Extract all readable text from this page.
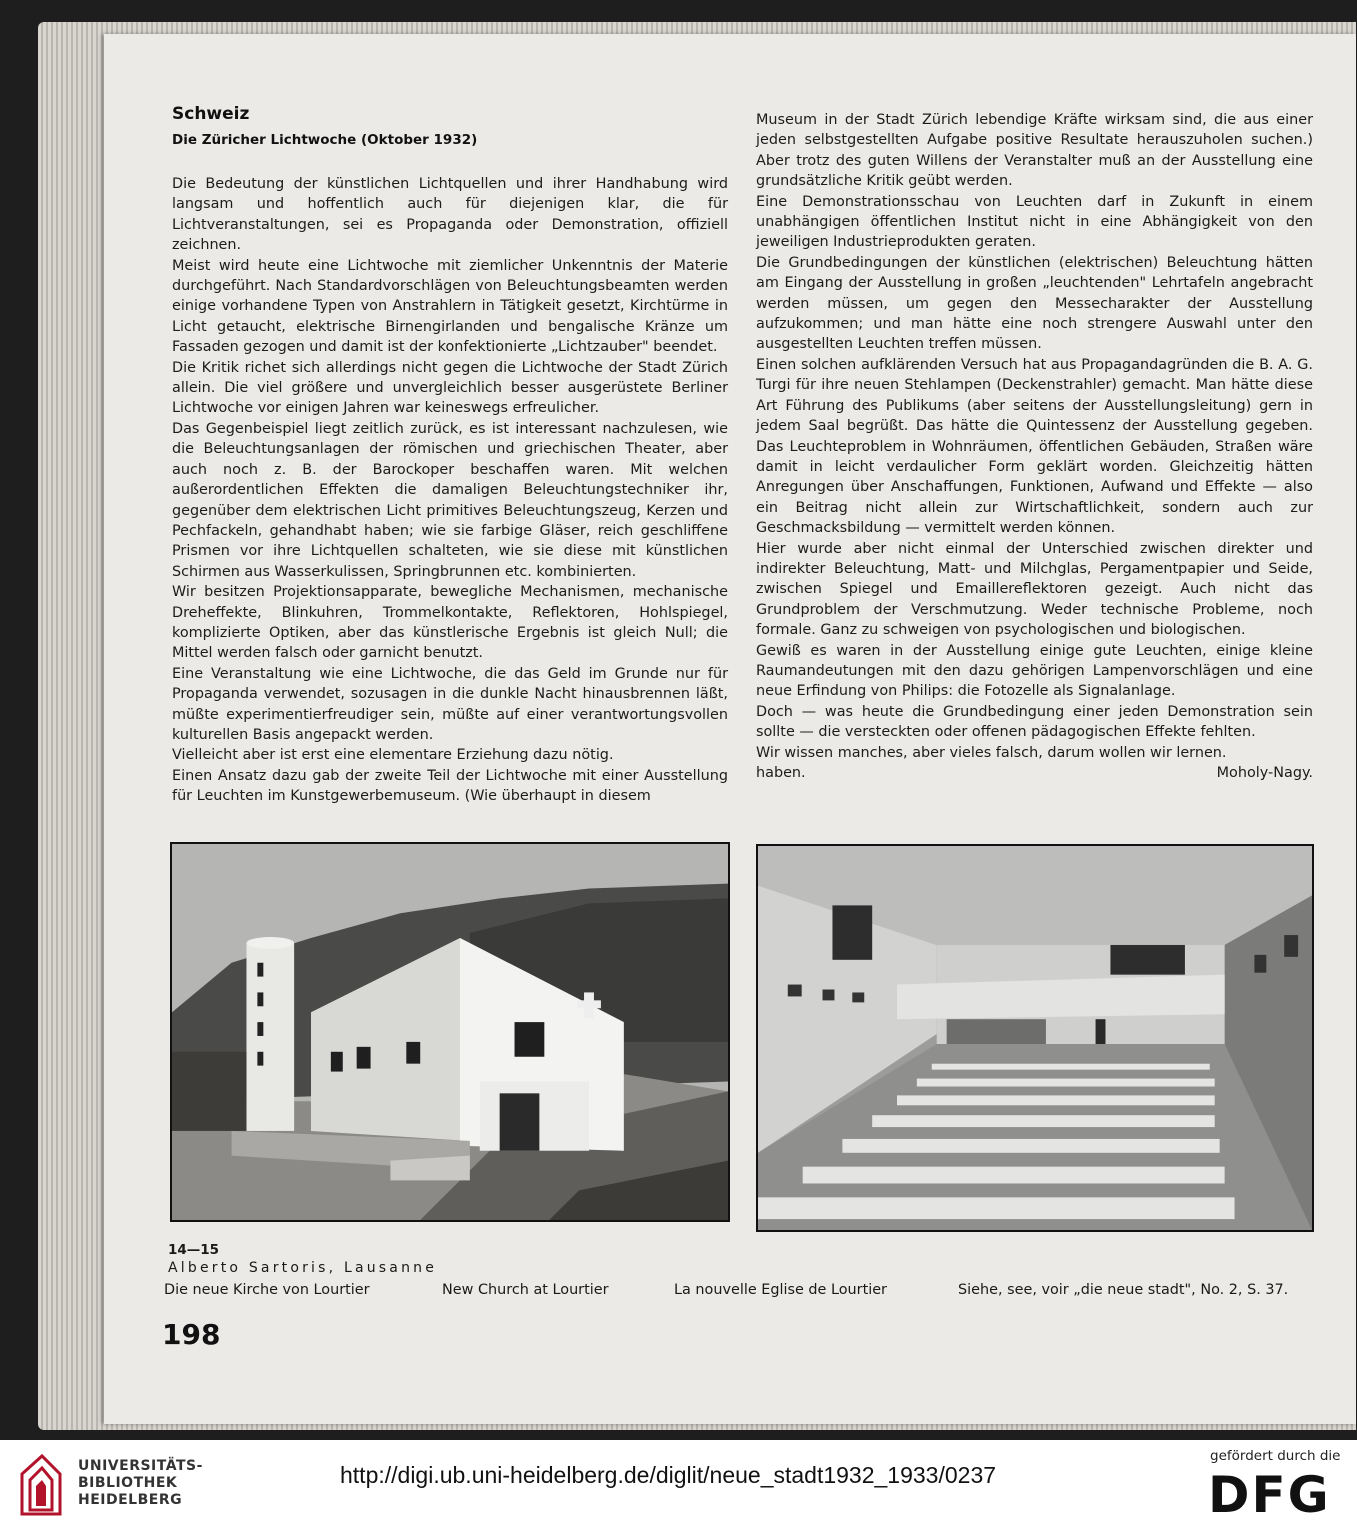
Schweiz
Die Züricher Lichtwoche (Oktober 1932)

Die Bedeutung der künstlichen Lichtquellen und ihrer Handhabung wird langsam und hoffentlich auch für diejenigen klar, die für Lichtveranstaltungen, sei es Propaganda oder Demonstration, offiziell zeichnen.

Meist wird heute eine Lichtwoche mit ziemlicher Unkenntnis der Materie durchgeführt. Nach Standardvorschlägen von Beleuchtungsbeamten werden einige vorhandene Typen von Anstrahlern in Tätigkeit gesetzt, Kirchtürme in Licht getaucht, elektrische Birnengirlanden und bengalische Kränze um Fassaden gezogen und damit ist der konfektionierte „Lichtzauber" beendet.

Die Kritik richet sich allerdings nicht gegen die Lichtwoche der Stadt Zürich allein. Die viel größere und unvergleichlich besser ausgerüstete Berliner Lichtwoche vor einigen Jahren war keineswegs erfreulicher.

Das Gegenbeispiel liegt zeitlich zurück, es ist interessant nachzulesen, wie die Beleuchtungsanlagen der römischen und griechischen Theater, aber auch noch z. B. der Barockoper beschaffen waren. Mit welchen außerordentlichen Effekten die damaligen Beleuchtungstechniker ihr, gegenüber dem elektrischen Licht primitives Beleuchtungszeug, Kerzen und Pechfackeln, gehandhabt haben; wie sie farbige Gläser, reich geschliffene Prismen vor ihre Lichtquellen schalteten, wie sie diese mit künstlichen Schirmen aus Wasserkulissen, Springbrunnen etc. kombinierten.

Wir besitzen Projektionsapparate, bewegliche Mechanismen, mechanische Dreheffekte, Blinkuhren, Trommelkontakte, Reflektoren, Hohlspiegel, komplizierte Optiken, aber das künstlerische Ergebnis ist gleich Null; die Mittel werden falsch oder garnicht benutzt.

Eine Veranstaltung wie eine Lichtwoche, die das Geld im Grunde nur für Propaganda verwendet, sozusagen in die dunkle Nacht hinausbrennen läßt, müßte experimentierfreudiger sein, müßte auf einer verantwortungsvollen kulturellen Basis angepackt werden.

Vielleicht aber ist erst eine elementare Erziehung dazu nötig.

Einen Ansatz dazu gab der zweite Teil der Lichtwoche mit einer Ausstellung für Leuchten im Kunstgewerbemuseum. (Wie überhaupt in diesem

Museum in der Stadt Zürich lebendige Kräfte wirksam sind, die aus einer jeden selbstgestellten Aufgabe positive Resultate herauszuholen suchen.) Aber trotz des guten Willens der Veranstalter muß an der Ausstellung eine grundsätzliche Kritik geübt werden.

Eine Demonstrationsschau von Leuchten darf in Zukunft in einem unabhängigen öffentlichen Institut nicht in eine Abhängigkeit von den jeweiligen Industrieprodukten geraten.

Die Grundbedingungen der künstlichen (elektrischen) Beleuchtung hätten am Eingang der Ausstellung in großen „leuchtenden" Lehrtafeln angebracht werden müssen, um gegen den Messecharakter der Ausstellung aufzukommen; und man hätte eine noch strengere Auswahl unter den ausgestellten Leuchten treffen müssen.

Einen solchen aufklärenden Versuch hat aus Propagandagründen die B. A. G. Turgi für ihre neuen Stehlampen (Deckenstrahler) gemacht. Man hätte diese Art Führung des Publikums (aber seitens der Ausstellungsleitung) gern in jedem Saal begrüßt. Das hätte die Quintessenz der Ausstellung gegeben. Das Leuchteproblem in Wohnräumen, öffentlichen Gebäuden, Straßen wäre damit in leicht verdaulicher Form geklärt worden. Gleichzeitig hätten Anregungen über Anschaffungen, Funktionen, Aufwand und Effekte — also ein Beitrag nicht allein zur Wirtschaftlichkeit, sondern auch zur Geschmacksbildung — vermittelt werden können.

Hier wurde aber nicht einmal der Unterschied zwischen direkter und indirekter Beleuchtung, Matt- und Milchglas, Pergamentpapier und Seide, zwischen Spiegel und Emaillereflektoren gezeigt. Auch nicht das Grundproblem der Verschmutzung. Weder technische Probleme, noch formale. Ganz zu schweigen von psychologischen und biologischen.

Gewiß es waren in der Ausstellung einige gute Leuchten, einige kleine Raumandeutungen mit den dazu gehörigen Lampenvorschlägen und eine neue Erfindung von Philips: die Fotozelle als Signalanlage.

Doch — was heute die Grundbedingung einer jeden Demonstration sein sollte — die versteckten oder offenen pädagogischen Effekte fehlten.

Wir wissen manches, aber vieles falsch, darum wollen wir lernen.

haben.	Moholy-Nagy.

14—15
Alberto Sartoris, Lausanne
Die neue Kirche von Lourtier	New Church at Lourtier	La nouvelle Eglise de Lourtier	Siehe, see, voir „die neue stadt", No. 2, S. 37.
198
UNIVERSITÄTS-
BIBLIOTHEK
HEIDELBERG
http://digi.ub.uni-heidelberg.de/diglit/neue_stadt1932_1933/0237
gefördert durch die
DFG
